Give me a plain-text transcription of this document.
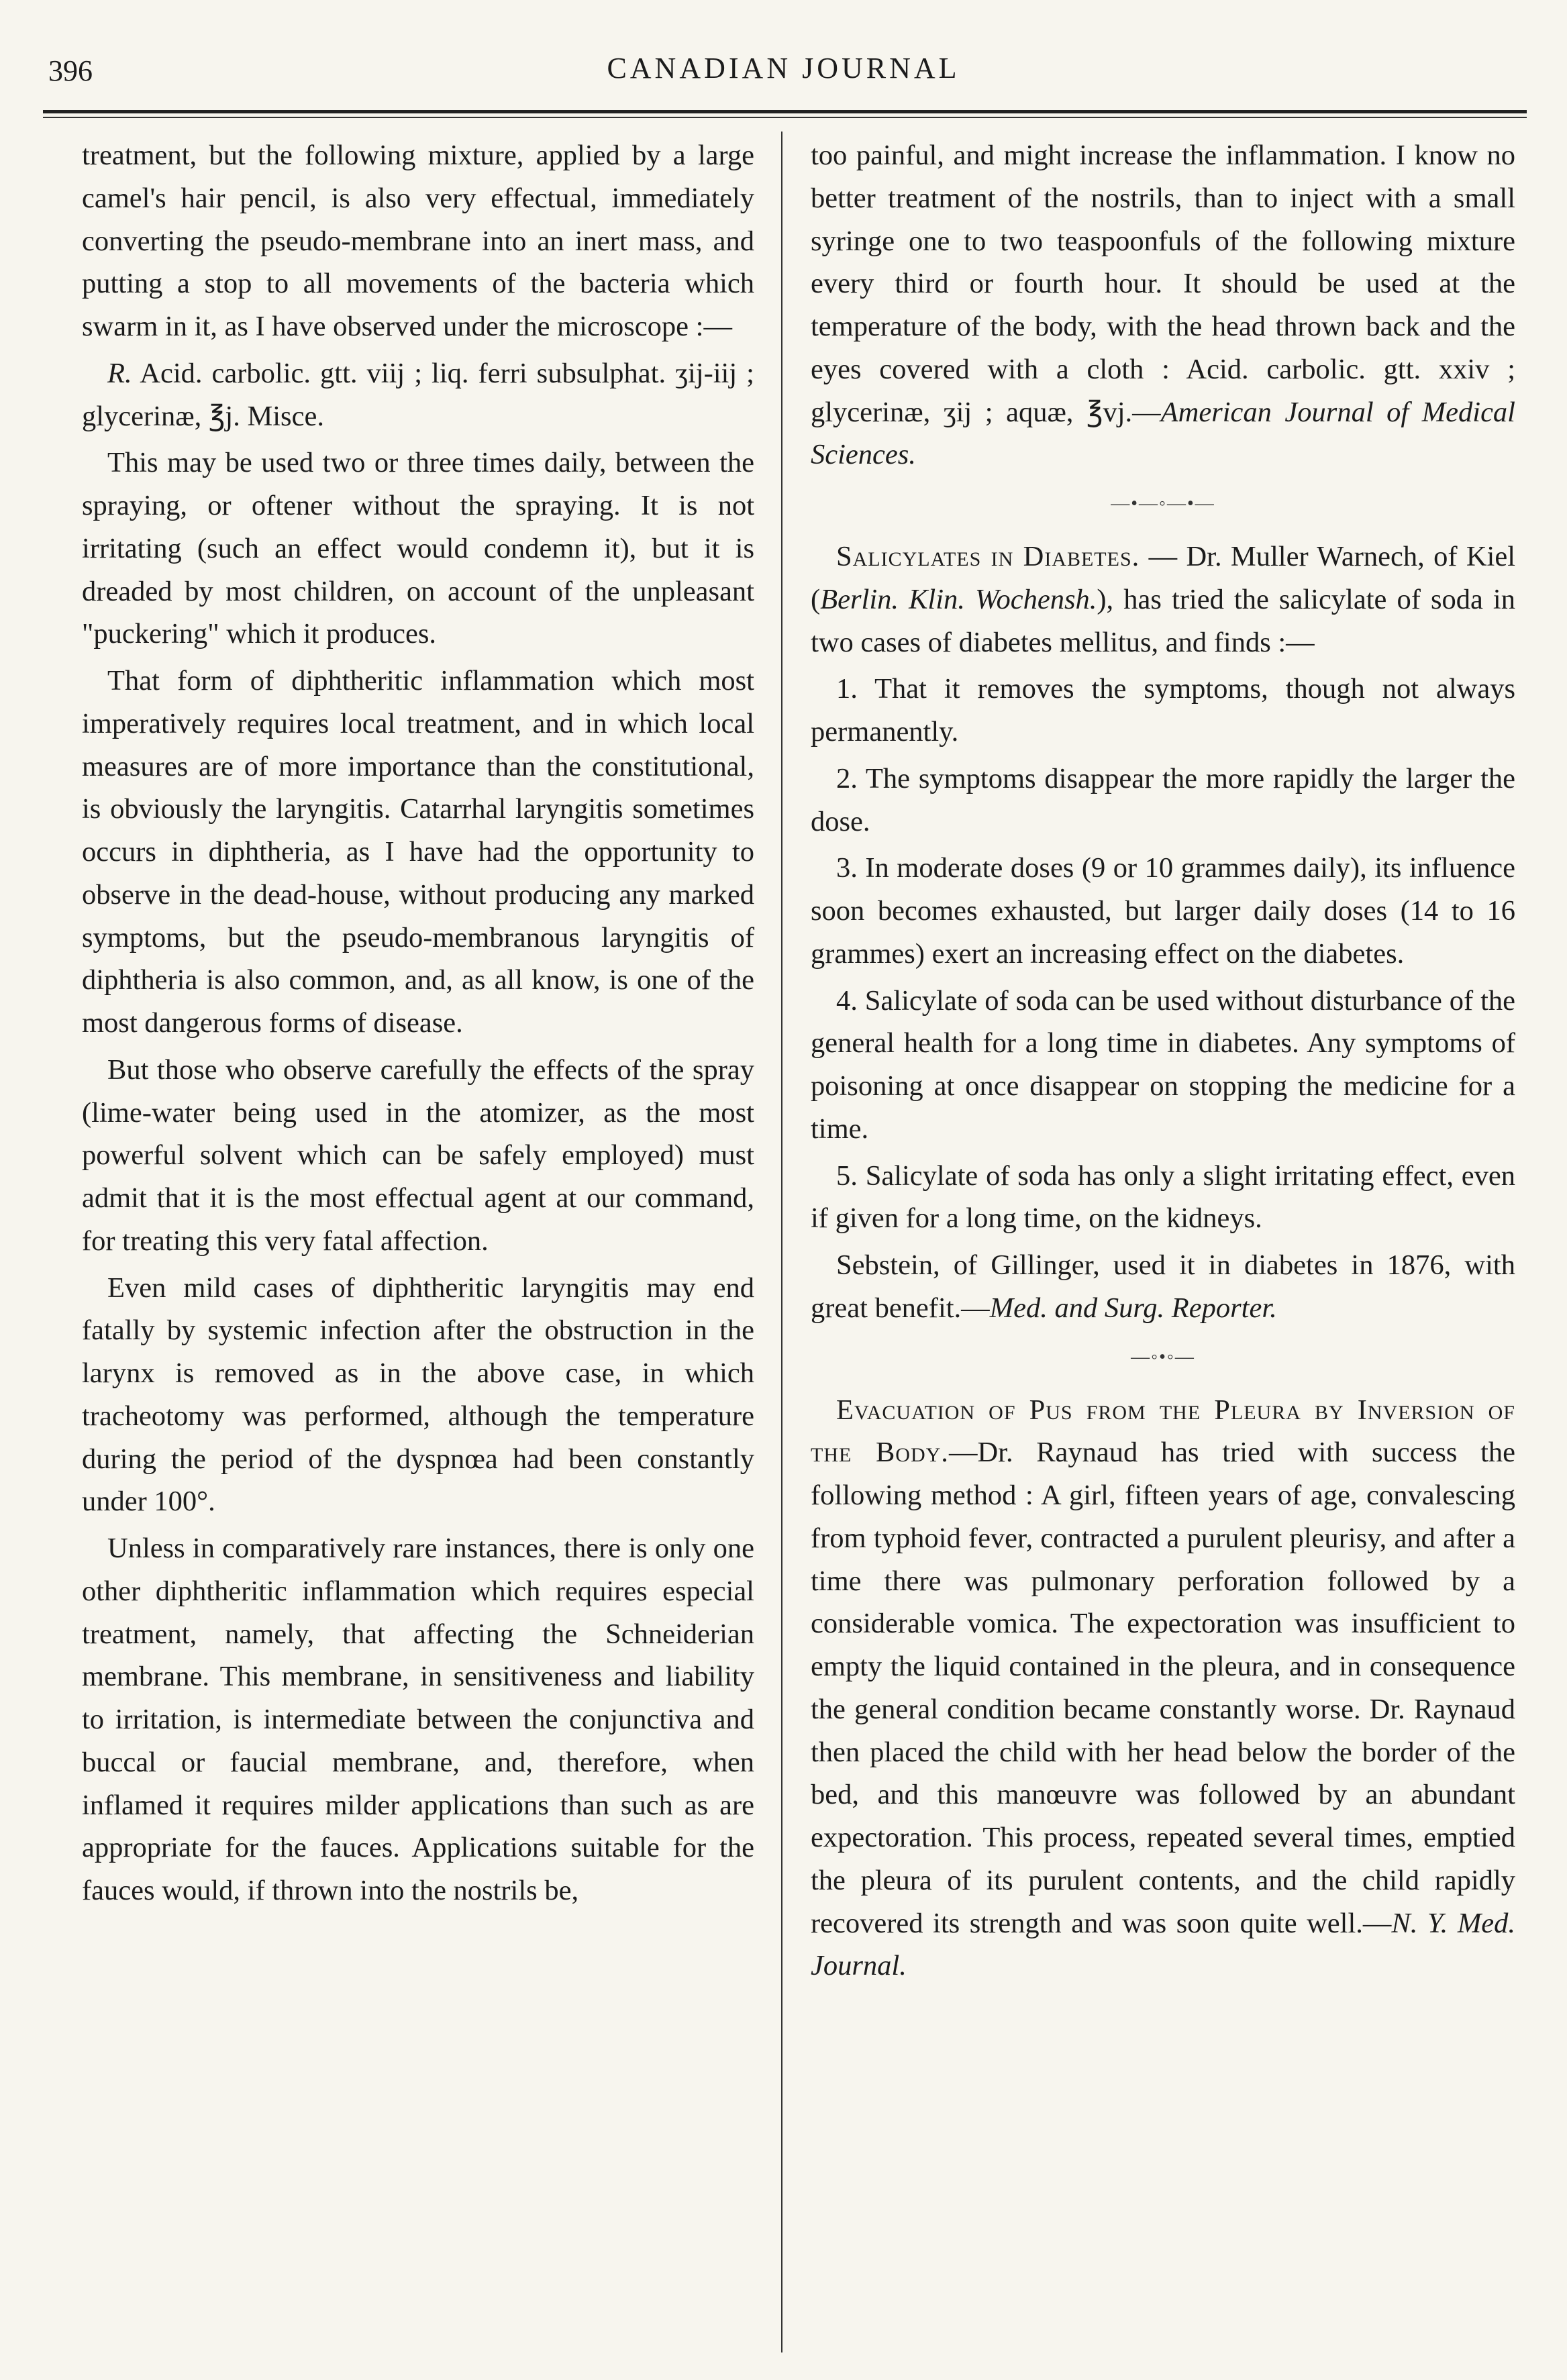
396	CANADIAN JOURNAL

treatment, but the following mixture, applied by a large camel's hair pencil, is also very effectual, immediately converting the pseudo-membrane into an inert mass, and putting a stop to all movements of the bacteria which swarm in it, as I have observed under the microscope :—

R. Acid. carbolic. gtt. viij ; liq. ferri subsulphat. ʒij-iij ; glycerinæ, ℥j. Misce.

This may be used two or three times daily, between the spraying, or oftener without the spraying. It is not irritating (such an effect would condemn it), but it is dreaded by most children, on account of the unpleasant "puckering" which it produces.

That form of diphtheritic inflammation which most imperatively requires local treatment, and in which local measures are of more importance than the constitutional, is obviously the laryngitis. Catarrhal laryngitis sometimes occurs in diphtheria, as I have had the opportunity to observe in the dead-house, without producing any marked symptoms, but the pseudo-membranous laryngitis of diphtheria is also common, and, as all know, is one of the most dangerous forms of disease.

But those who observe carefully the effects of the spray (lime-water being used in the atomizer, as the most powerful solvent which can be safely employed) must admit that it is the most effectual agent at our command, for treating this very fatal affection.

Even mild cases of diphtheritic laryngitis may end fatally by systemic infection after the obstruction in the larynx is removed as in the above case, in which tracheotomy was performed, although the temperature during the period of the dyspnœa had been constantly under 100°.

Unless in comparatively rare instances, there is only one other diphtheritic inflammation which requires especial treatment, namely, that affecting the Schneiderian membrane. This membrane, in sensitiveness and liability to irritation, is intermediate between the conjunctiva and buccal or faucial membrane, and, therefore, when inflamed it requires milder applications than such as are appropriate for the fauces. Applications suitable for the fauces would, if thrown into the nostrils be,

too painful, and might increase the inflammation. I know no better treatment of the nostrils, than to inject with a small syringe one to two teaspoonfuls of the following mixture every third or fourth hour. It should be used at the temperature of the body, with the head thrown back and the eyes covered with a cloth : Acid. carbolic. gtt. xxiv ; glycerinæ, ʒij ; aquæ, ℥vj.—American Journal of Medical Sciences.

—•—◦—•—

Salicylates in Diabetes. — Dr. Muller Warnech, of Kiel (Berlin. Klin. Wochensh.), has tried the salicylate of soda in two cases of diabetes mellitus, and finds :—

1. That it removes the symptoms, though not always permanently.

2. The symptoms disappear the more rapidly the larger the dose.

3. In moderate doses (9 or 10 grammes daily), its influence soon becomes exhausted, but larger daily doses (14 to 16 grammes) exert an increasing effect on the diabetes.

4. Salicylate of soda can be used without disturbance of the general health for a long time in diabetes. Any symptoms of poisoning at once disappear on stopping the medicine for a time.

5. Salicylate of soda has only a slight irritating effect, even if given for a long time, on the kidneys.

Sebstein, of Gillinger, used it in diabetes in 1876, with great benefit.—Med. and Surg. Reporter.

—◦•◦—

Evacuation of Pus from the Pleura by Inversion of the Body.—Dr. Raynaud has tried with success the following method : A girl, fifteen years of age, convalescing from typhoid fever, contracted a purulent pleurisy, and after a time there was pulmonary perforation followed by a considerable vomica. The expectoration was insufficient to empty the liquid contained in the pleura, and in consequence the general condition became constantly worse. Dr. Raynaud then placed the child with her head below the border of the bed, and this manœuvre was followed by an abundant expectoration. This process, repeated several times, emptied the pleura of its purulent contents, and the child rapidly recovered its strength and was soon quite well.—N. Y. Med. Journal.
